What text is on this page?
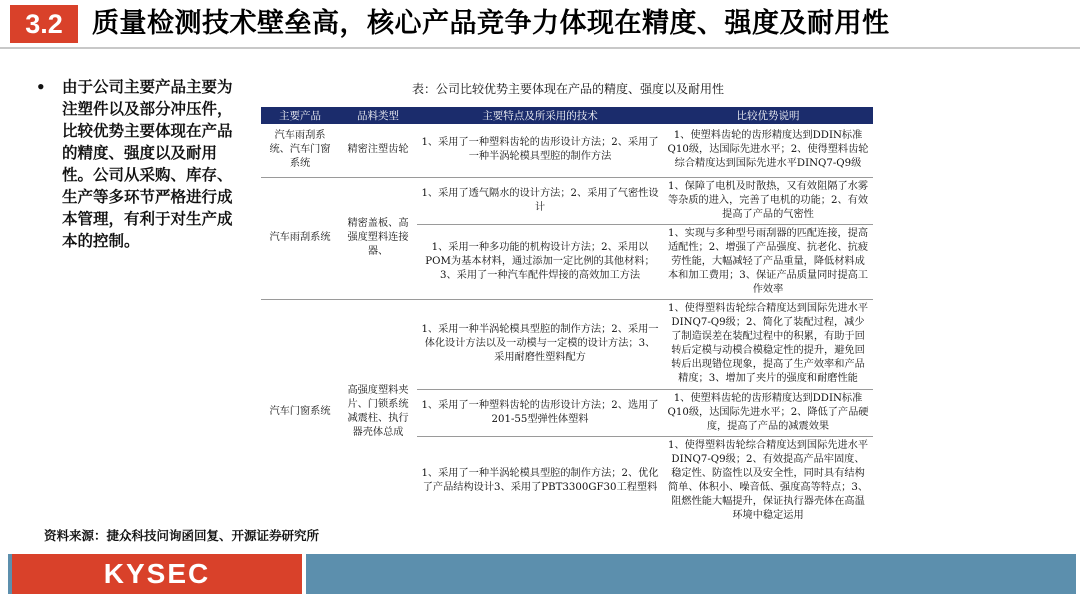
3.2	质量检测技术壁垒高，核心产品竞争力体现在精度、强度及耐用性
• 由于公司主要产品主要为注塑件以及部分冲压件，比较优势主要体现在产品的精度、强度以及耐用性。公司从采购、库存、生产等多环节严格进行成本管理，有利于对生产成本的控制。
表：公司比较优势主要体现在产品的精度、强度以及耐用性
主要产品	品料类型	主要特点及所采用的技术	比较优势说明
汽车雨刮系统、汽车门窗系统	精密注塑齿轮	1、采用了一种塑料齿轮的齿形设计方法；2、采用了一种半涡轮模具型腔的制作方法	1、使塑料齿轮的齿形精度达到DDIN标准Q10级，达国际先进水平；2、使得塑料齿轮综合精度达到国际先进水平DINQ7-Q9级
汽车雨刮系统	精密盖板、高强度塑料连接器、	1、采用了透气隔水的设计方法；2、采用了气密性设计	1、保障了电机及时散热，又有效阻隔了水雾等杂质的进入，完善了电机的功能；2、有效提高了产品的气密性
		1、采用一种多功能的机构设计方法；2、采用以POM为基本材料，通过添加一定比例的其他材料；3、采用了一种汽车配件焊接的高效加工方法	1、实现与多种型号雨刮器的匹配连接，提高适配性；2、增强了产品强度、抗老化、抗疲劳性能，大幅减轻了产品重量，降低材料成本和加工费用；3、保证产品质量同时提高工作效率
汽车门窗系统	高强度塑料夹片、门锁系统减震柱、执行器壳体总成	1、采用一种半涡轮模具型腔的制作方法；2、采用一体化设计方法以及一动模与一定模的设计方法；3、采用耐磨性塑料配方	1、使得塑料齿轮综合精度达到国际先进水平DINQ7-Q9级；2、简化了装配过程，减少了制造误差在装配过程中的积累，有助于回转后定模与动模合模稳定性的提升，避免回转后出现错位现象，提高了生产效率和产品精度；3、增加了夹片的强度和耐磨性能
		1、采用了一种塑料齿轮的齿形设计方法；2、选用了201-55型弹性体塑料	1、使塑料齿轮的齿形精度达到DDIN标准Q10级，达国际先进水平；2、降低了产品硬度，提高了产品的减震效果
		1、采用了一种半涡轮模具型腔的制作方法；2、优化了产品结构设计3、采用了PBT3300GF30工程塑料	1、使得塑料齿轮综合精度达到国际先进水平DINQ7-Q9级；2、有效提高产品牢固度、稳定性、防盗性以及安全性，同时具有结构简单、体积小、噪音低、强度高等特点；3、阻燃性能大幅提升，保证执行器壳体在高温环境中稳定运用
资料来源：捷众科技问询函回复、开源证券研究所
KYSEC
